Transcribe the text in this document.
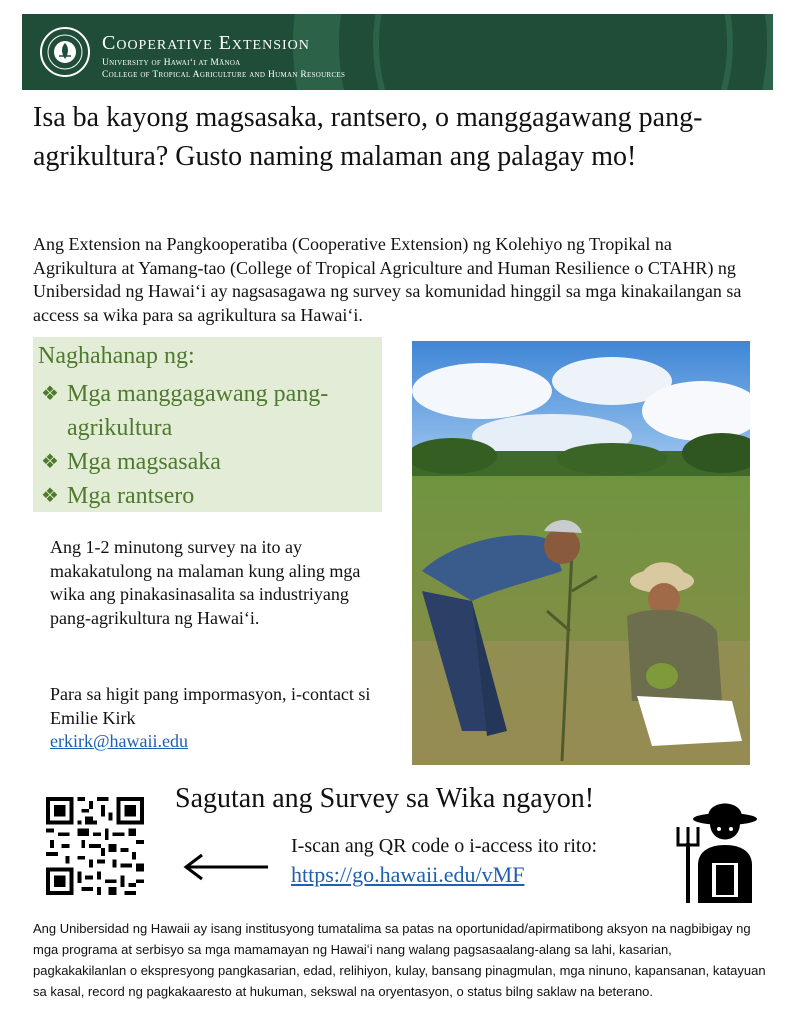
Cooperative Extension
University of Hawaiʻi at Mānoa
College of Tropical Agriculture and Human Resources
Isa ba kayong magsasaka, rantsero, o manggagawang pang-agrikultura? Gusto naming malaman ang palagay mo!
Ang Extension na Pangkooperatiba (Cooperative Extension) ng Kolehiyo ng Tropikal na Agrikultura at Yamang-tao (College of Tropical Agriculture and Human Resilience o CTAHR) ng Unibersidad ng Hawaiʻi ay nagsasagawa ng survey sa komunidad hinggil sa mga kinakailangan sa access sa wika para sa agrikultura sa Hawaiʻi.
Naghahanap ng:
❖ Mga manggagawang pang-agrikultura
❖ Mga magsasaka
❖ Mga rantsero
Ang 1-2 minutong survey na ito ay makakatulong na malaman kung aling mga wika ang pinakasinasalita sa industriyang pang-agrikultura ng Hawaiʻi.
Para sa higit pang impormasyon, i-contact si Emilie Kirk
erkirk@hawaii.edu
Sagutan ang Survey sa Wika ngayon!
I-scan ang QR code o i-access ito rito:
https://go.hawaii.edu/vMF
Ang Unibersidad ng Hawaii ay isang institusyong tumatalima sa patas na oportunidad/apirmatibong aksyon na nagbibigay ng mga programa at serbisyo sa mga mamamayan ng Hawaiʻi nang walang pagsasaalang-alang sa lahi, kasarian, pagkakakilanlan o ekspresyong pangkasarian, edad, relihiyon, kulay, bansang pinagmulan, mga ninuno, kapansanan, katayuan sa kasal, record ng pagkakaaresto at hukuman, sekswal na oryentasyon, o status bilng saklaw na beterano.
